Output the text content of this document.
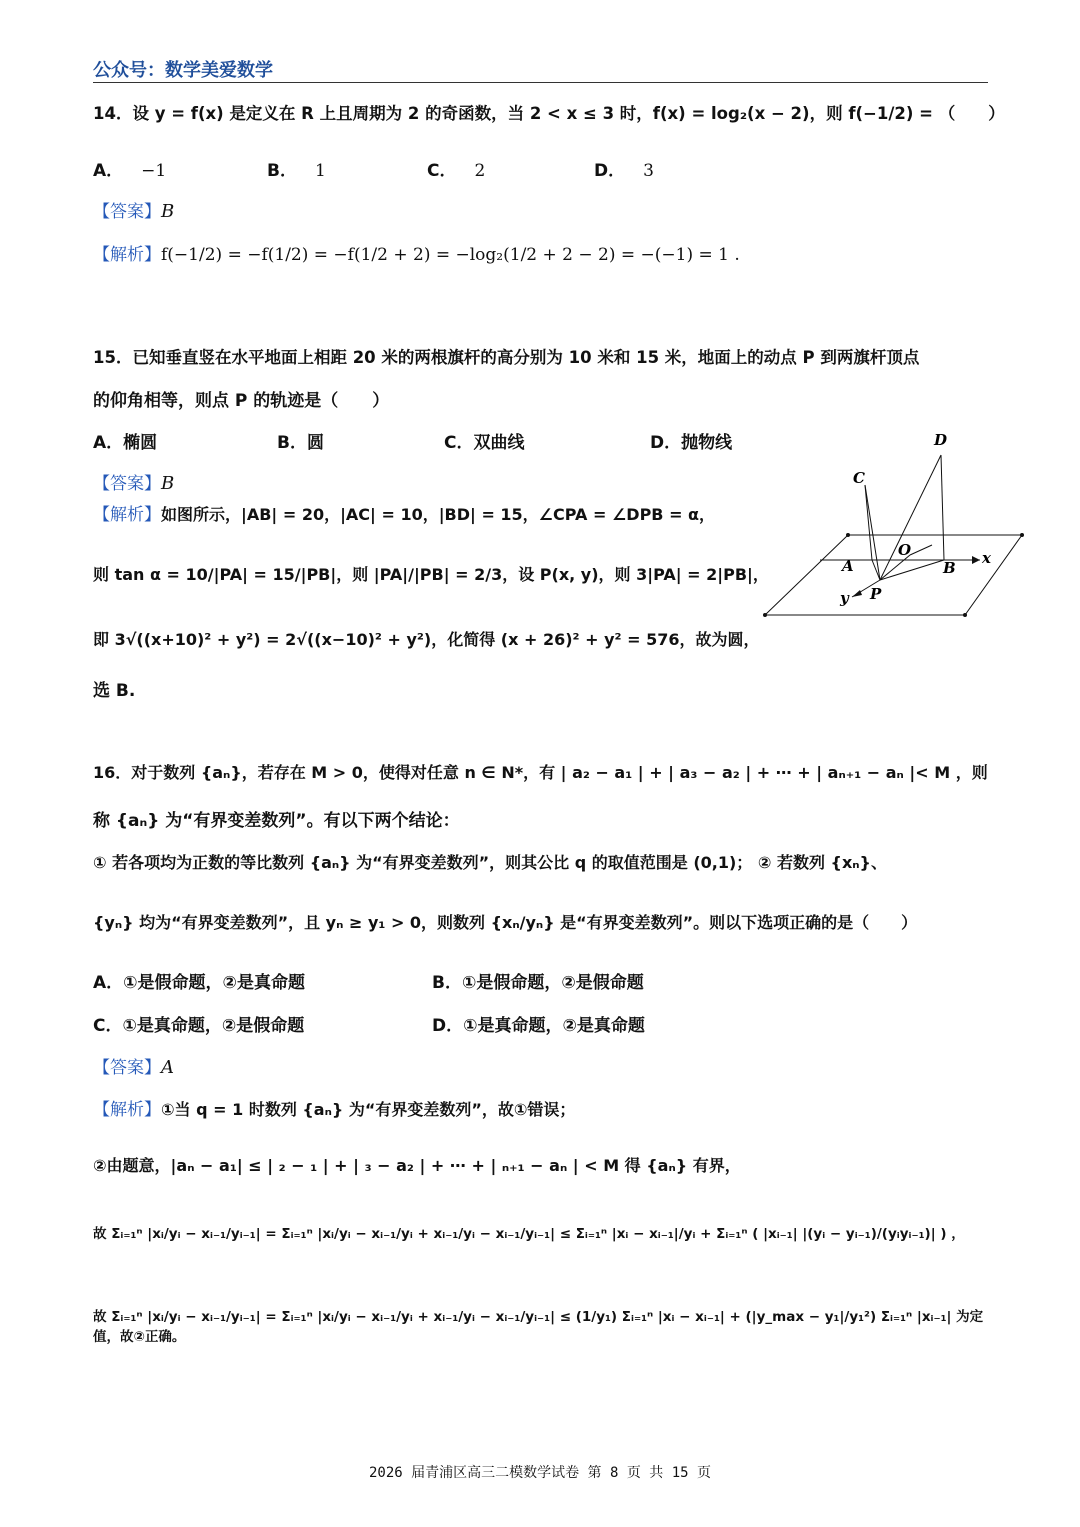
公众号：数学美爱数学
14．设 y = f(x) 是定义在 R 上且周期为 2 的奇函数，当 2 < x ≤ 3 时，f(x) = log₂(x − 2)，则 f(−1/2) = （　　）
A． −1	B． 1	C． 2	D． 3
【答案】B
【解析】f(−1/2) = −f(1/2) = −f(1/2 + 2) = −log₂(1/2 + 2 − 2) = −(−1) = 1 .
15．已知垂直竖在水平地面上相距 20 米的两根旗杆的高分别为 10 米和 15 米，地面上的动点 P 到两旗杆顶点
的仰角相等，则点 P 的轨迹是（　　）
A．椭圆	B．圆	C．双曲线	D．抛物线
【答案】B
【解析】如图所示，|AB| = 20，|AC| = 10，|BD| = 15，∠CPA = ∠DPB = α，
则 tan α = 10/|PA| = 15/|PB|，则 |PA|/|PB| = 2/3，设 P(x, y)，则 3|PA| = 2|PB|，
即 3√((x+10)² + y²) = 2√((x−10)² + y²)，化简得 (x + 26)² + y² = 576，故为圆，
选 B.
D
C
O
A	B
x
P
y
16．对于数列 {aₙ}，若存在 M > 0，使得对任意 n ∈ N*，有 | a₂ − a₁ | + | a₃ − a₂ | + ⋯ + | aₙ₊₁ − aₙ |< M ，则
称 {aₙ} 为“有界变差数列”。有以下两个结论：
① 若各项均为正数的等比数列 {aₙ} 为“有界变差数列”，则其公比 q 的取值范围是 (0,1)； ② 若数列 {xₙ}、
{yₙ} 均为“有界变差数列”，且 yₙ ≥ y₁ > 0，则数列 {xₙ/yₙ} 是“有界变差数列”。则以下选项正确的是（　　）
A．①是假命题，②是真命题	B．①是假命题，②是假命题
C．①是真命题，②是假命题	D．①是真命题，②是真命题
【答案】A
【解析】①当 q = 1 时数列 {aₙ} 为“有界变差数列”，故①错误；
②由题意，|aₙ − a₁| ≤ | ₂ − ₁ | + | ₃ − a₂ | + ⋯ + | ₙ₊₁ − aₙ | < M 得 {aₙ} 有界，
故 Σᵢ₌₁ⁿ |xᵢ/yᵢ − xᵢ₋₁/yᵢ₋₁| = Σᵢ₌₁ⁿ |xᵢ/yᵢ − xᵢ₋₁/yᵢ + xᵢ₋₁/yᵢ − xᵢ₋₁/yᵢ₋₁| ≤ Σᵢ₌₁ⁿ |xᵢ − xᵢ₋₁|/yᵢ + Σᵢ₌₁ⁿ ( |xᵢ₋₁| |(yᵢ − yᵢ₋₁)/(yᵢyᵢ₋₁)| ) ，
故 Σᵢ₌₁ⁿ |xᵢ/yᵢ − xᵢ₋₁/yᵢ₋₁| = Σᵢ₌₁ⁿ |xᵢ/yᵢ − xᵢ₋₁/yᵢ + xᵢ₋₁/yᵢ − xᵢ₋₁/yᵢ₋₁| ≤ (1/y₁) Σᵢ₌₁ⁿ |xᵢ − xᵢ₋₁| + (|y_max − y₁|/y₁²) Σᵢ₌₁ⁿ |xᵢ₋₁| 为定值，故②正确。
2026 届青浦区高三二模数学试卷 第 8 页 共 15 页
